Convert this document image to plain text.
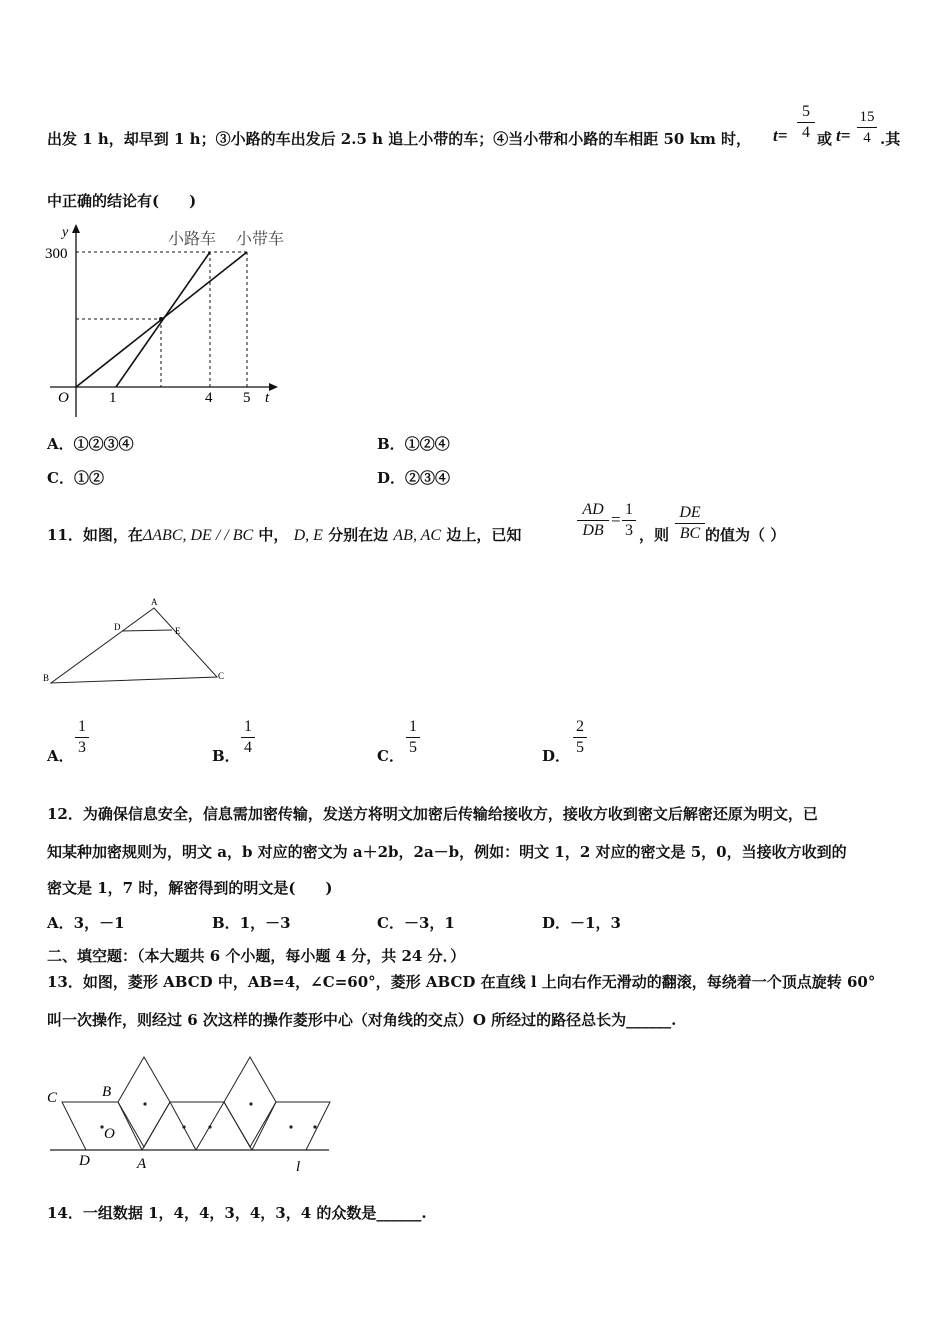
出发 1 h，却早到 1 h；③小路的车出发后 2.5 h 追上小带的车；④当小带和小路的车相距 50 km 时， $t= \frac{5}{4}$ 或 $t= \frac{15}{4}$ .其
中正确的结论有(　　)
y
300
O	1	4 5 t
小路车 小带车
A．①②③④	B．①②④
C．①②	D．②③④
11．如图，在ΔABC, DE / / BC 中， D, E 分别在边 AB, AC 边上，已知	$\frac{AD}{DB} = \frac{1}{3}$ ，则 $\frac{DE}{BC}$ 的值为（ ）
A
B	C
D	E
A． $\frac{1}{3}$	B． $\frac{1}{4}$	C． $\frac{1}{5}$	D． $\frac{2}{5}$
12．为确保信息安全，信息需加密传输，发送方将明文加密后传输给接收方，接收方收到密文后解密还原为明文，已
知某种加密规则为，明文 a，b 对应的密文为 a＋2b，2a－b，例如：明文 1，2 对应的密文是 5，0，当接收方收到的
密文是 1，7 时，解密得到的明文是(　　)
A．3，－1	B．1，－3	C．－3，1	D．－1，3
二、填空题：（本大题共 6 个小题，每小题 4 分，共 24 分．）
13．如图，菱形 ABCD 中，AB=4，∠C=60°，菱形 ABCD 在直线 l 上向右作无滑动的翻滚，每绕着一个顶点旋转 60°
叫一次操作，则经过 6 次这样的操作菱形中心（对角线的交点）O 所经过的路径总长为______.
C	B
O
D	A	l
14．一组数据 1，4，4，3，4，3，4 的众数是______.
